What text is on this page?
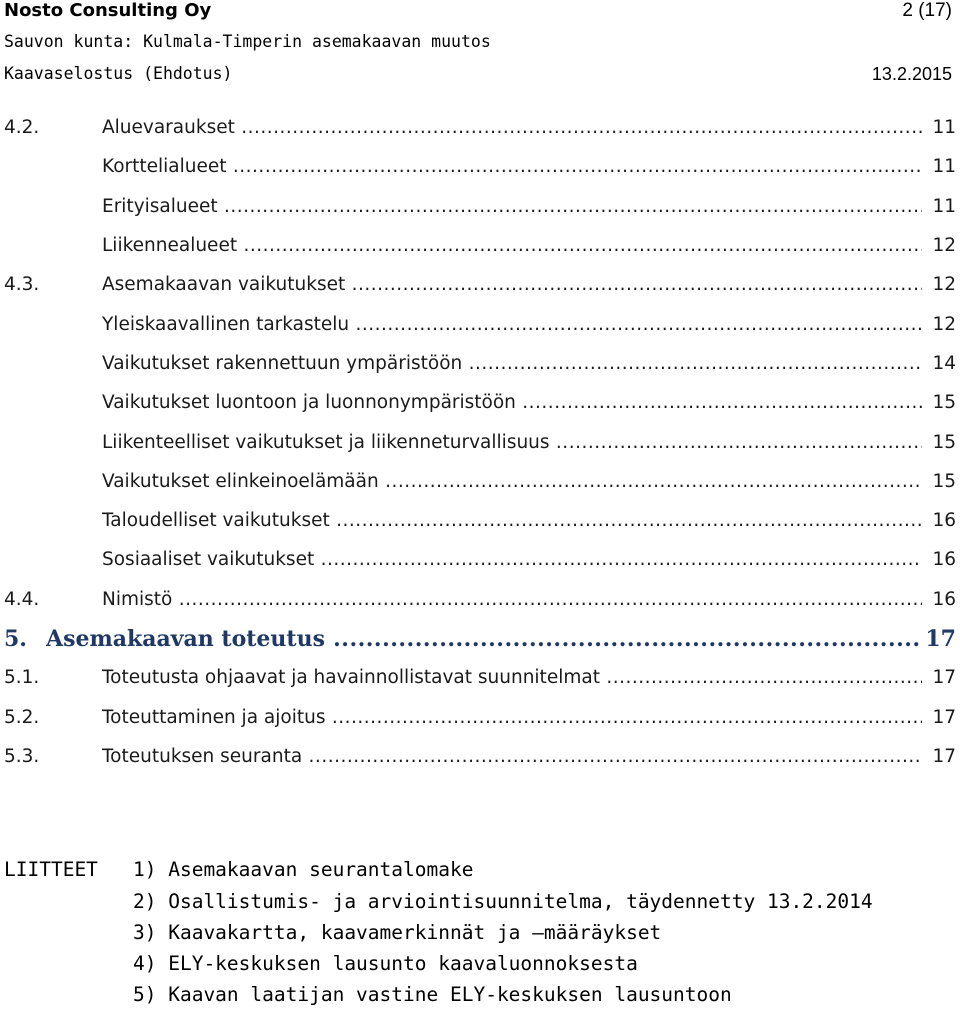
Nosto Consulting Oy	2 (17)
Sauvon kunta: Kulmala-Timperin asemakaavan muutos
Kaavaselostus (Ehdotus)	13.2.2015
4.2.	Aluevaraukset .....	11
Korttelialueet .....	11
Erityisalueet .....	11
Liikennealueet .....	12
4.3.	Asemakaavan vaikutukset .....	12
Yleiskaavallinen tarkastelu .....	12
Vaikutukset rakennettuun ympäristöön .....	14
Vaikutukset luontoon ja luonnonympäristöön .....	15
Liikenteelliset vaikutukset ja liikenneturvallisuus .....	15
Vaikutukset elinkeinoelämään .....	15
Taloudelliset vaikutukset .....	16
Sosiaaliset vaikutukset .....	16
4.4.	Nimistö .....	16
5. Asemakaavan toteutus .....	17
5.1.	Toteutusta ohjaavat ja havainnollistavat suunnitelmat .....	17
5.2.	Toteuttaminen ja ajoitus .....	17
5.3.	Toteutuksen seuranta .....	17
LIITTEET 1) Asemakaavan seurantalomake
2) Osallistumis- ja arviointisuunnitelma, täydennetty 13.2.2014
3) Kaavakartta, kaavamerkinnät ja –määräykset
4) ELY-keskuksen lausunto kaavaluonnoksesta
5) Kaavan laatijan vastine ELY-keskuksen lausuntoon
